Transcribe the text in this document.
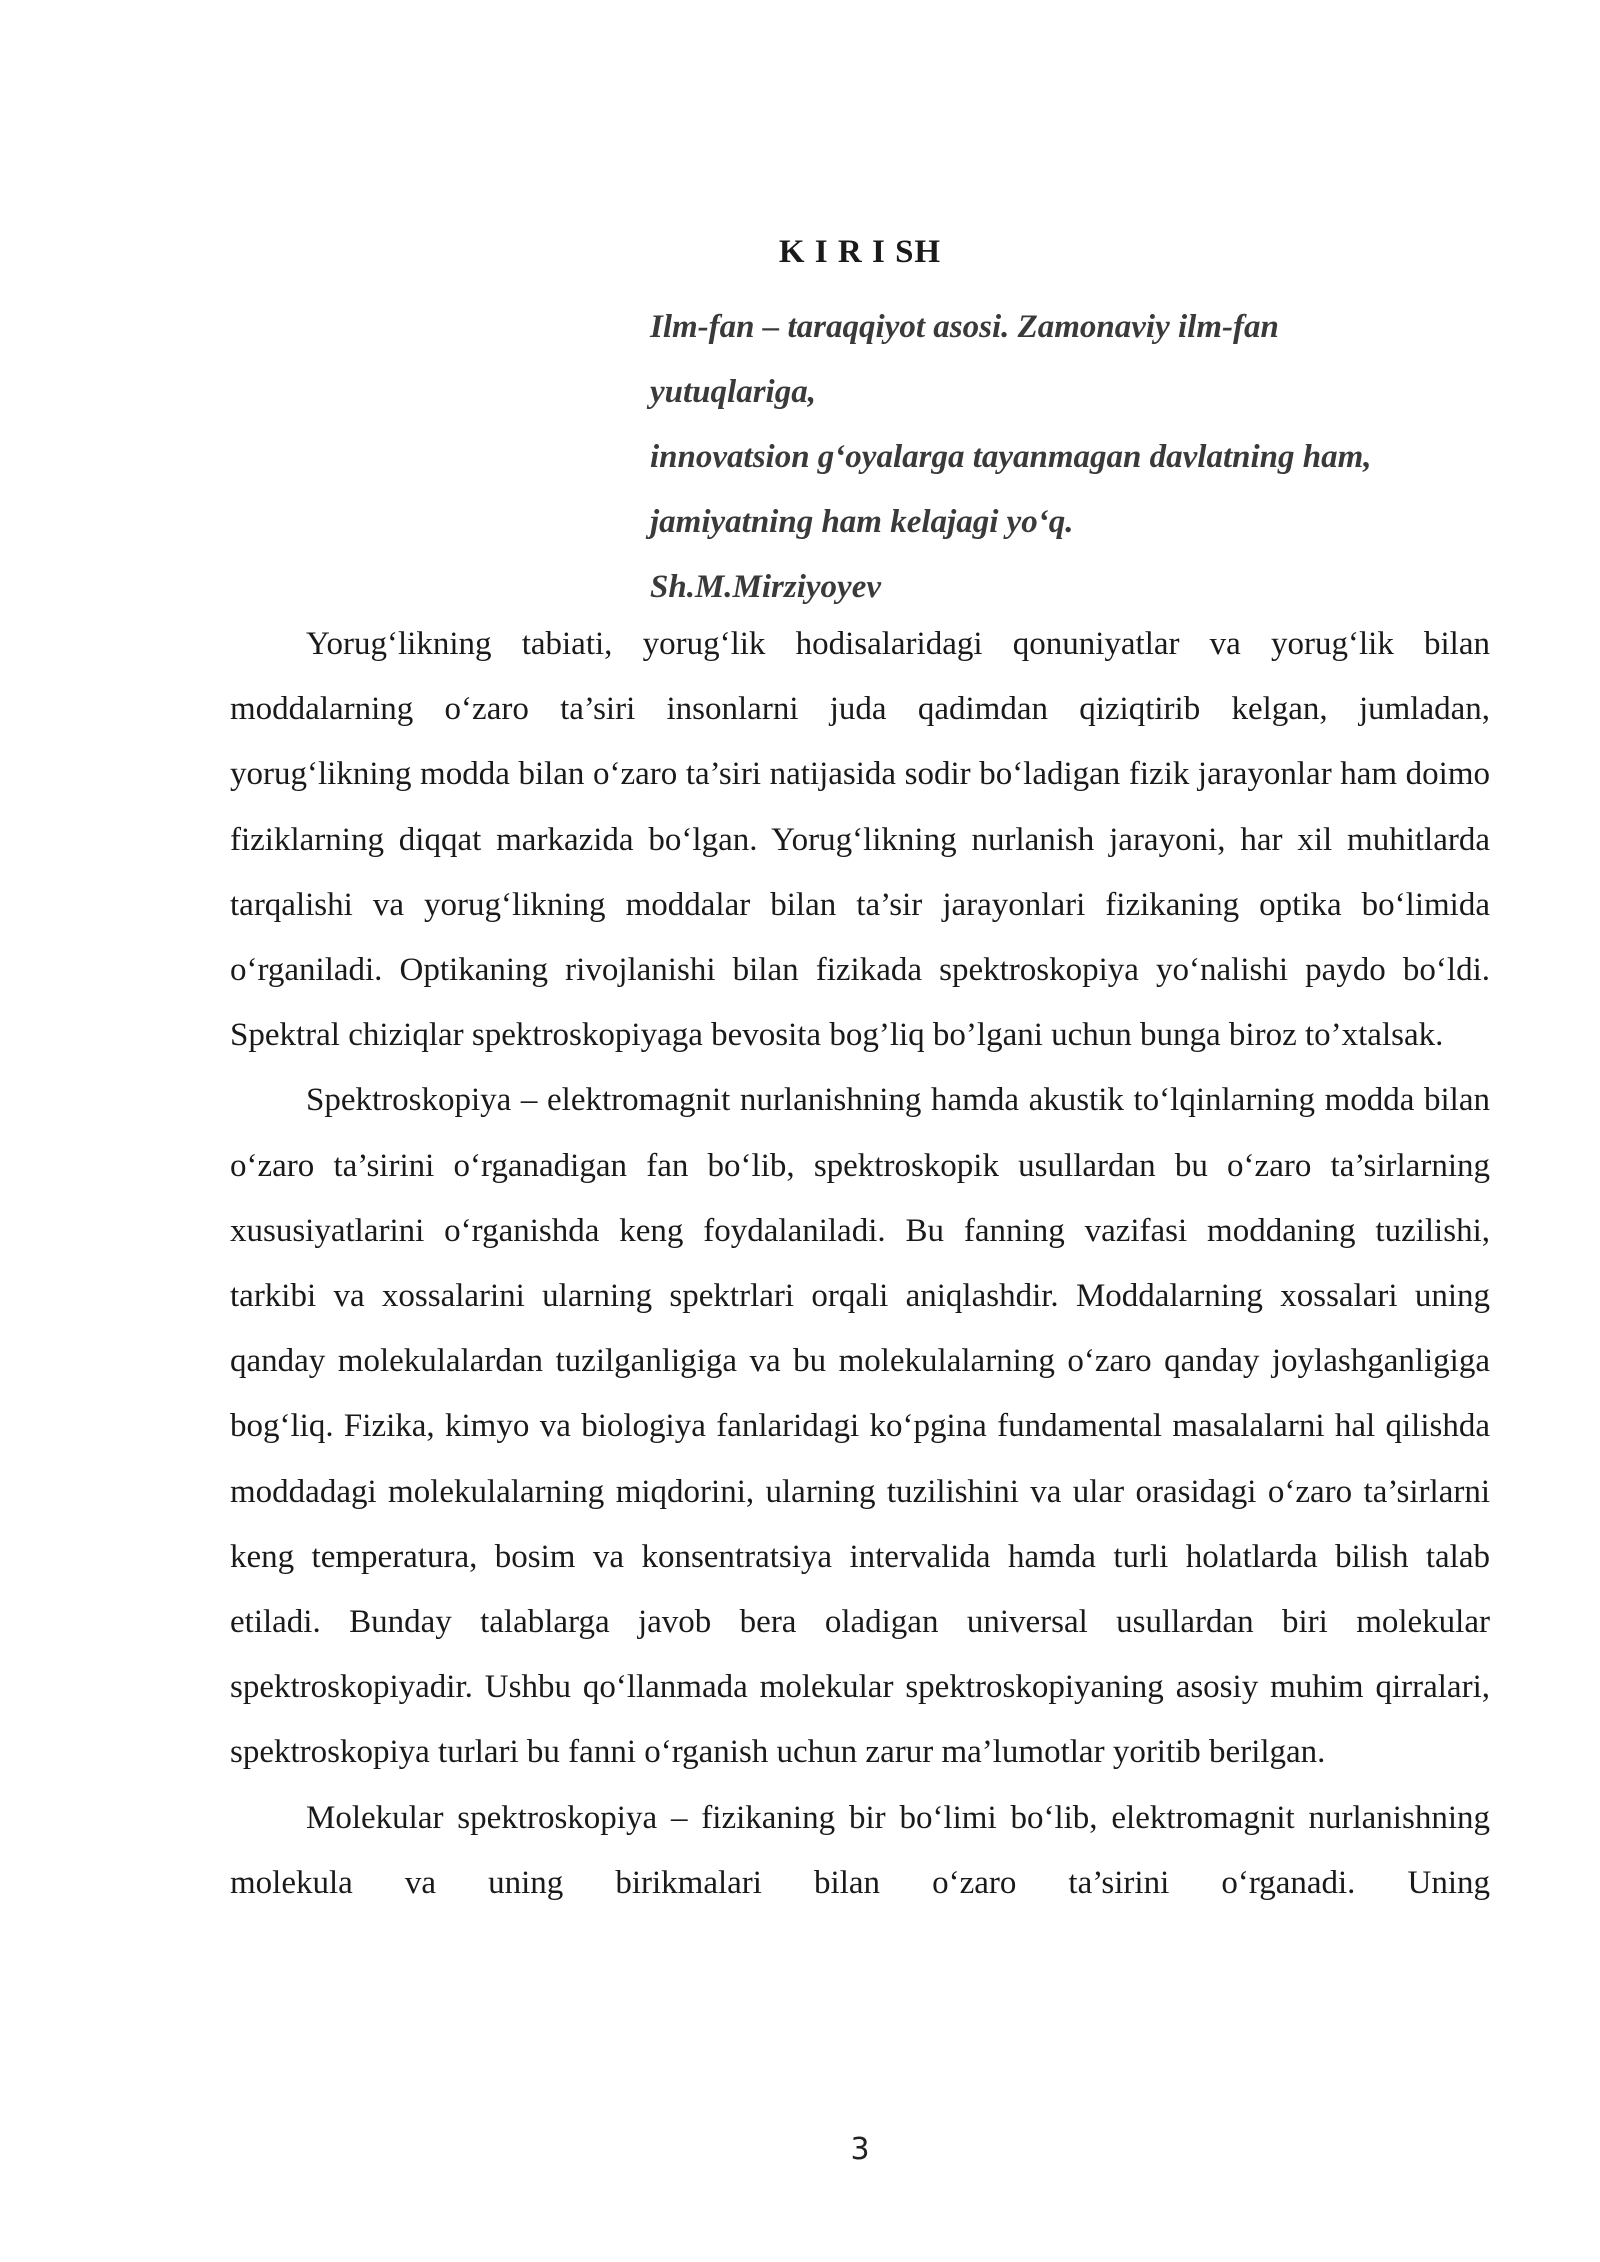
K I R I SH
Ilm-fan – taraqqiyot asosi. Zamonaviy ilm-fan
yutuqlariga,
innovatsion g‘oyalarga tayanmagan davlatning ham,
jamiyatning ham kelajagi yo‘q.
Sh.M.Mirziyoyev

Yorug‘likning tabiati, yorug‘lik hodisalaridagi qonuniyatlar va yorug‘lik bilan moddalarning o‘zaro ta’siri insonlarni juda qadimdan qiziqtirib kelgan, jumladan, yorug‘likning modda bilan o‘zaro ta’siri natijasida sodir bo‘ladigan fizik jarayonlar ham doimo fiziklarning diqqat markazida bo‘lgan. Yorug‘likning nurlanish jarayoni, har xil muhitlarda tarqalishi va yorug‘likning moddalar bilan ta’sir jarayonlari fizikaning optika bo‘limida o‘rganiladi. Optikaning rivojlanishi bilan fizikada spektroskopiya yo‘nalishi paydo bo‘ldi. Spektral chiziqlar spektroskopiyaga bevosita bog’liq bo’lgani uchun bunga biroz to’xtalsak.

Spektroskopiya – elektromagnit nurlanishning hamda akustik to‘lqinlarning modda bilan o‘zaro ta’sirini o‘rganadigan fan bo‘lib, spektroskopik usullardan bu o‘zaro ta’sirlarning xususiyatlarini o‘rganishda keng foydalaniladi. Bu fanning vazifasi moddaning tuzilishi, tarkibi va xossalarini ularning spektrlari orqali aniqlashdir. Moddalarning xossalari uning qanday molekulalardan tuzilganligiga va bu molekulalarning o‘zaro qanday joylashganligiga bog‘liq. Fizika, kimyo va biologiya fanlaridagi ko‘pgina fundamental masalalarni hal qilishda moddadagi molekulalarning miqdorini, ularning tuzilishini va ular orasidagi o‘zaro ta’sirlarni keng temperatura, bosim va konsentratsiya intervalida hamda turli holatlarda bilish talab etiladi. Bunday talablarga javob bera oladigan universal usullardan biri molekular spektroskopiyadir. Ushbu qo‘llanmada molekular spektroskopiyaning asosiy muhim qirralari, spektroskopiya turlari bu fanni o‘rganish uchun zarur ma’lumotlar yoritib berilgan.

Molekular spektroskopiya – fizikaning bir bo‘limi bo‘lib, elektromagnit nurlanishning molekula va uning birikmalari bilan o‘zaro ta’sirini o‘rganadi. Uning

3
